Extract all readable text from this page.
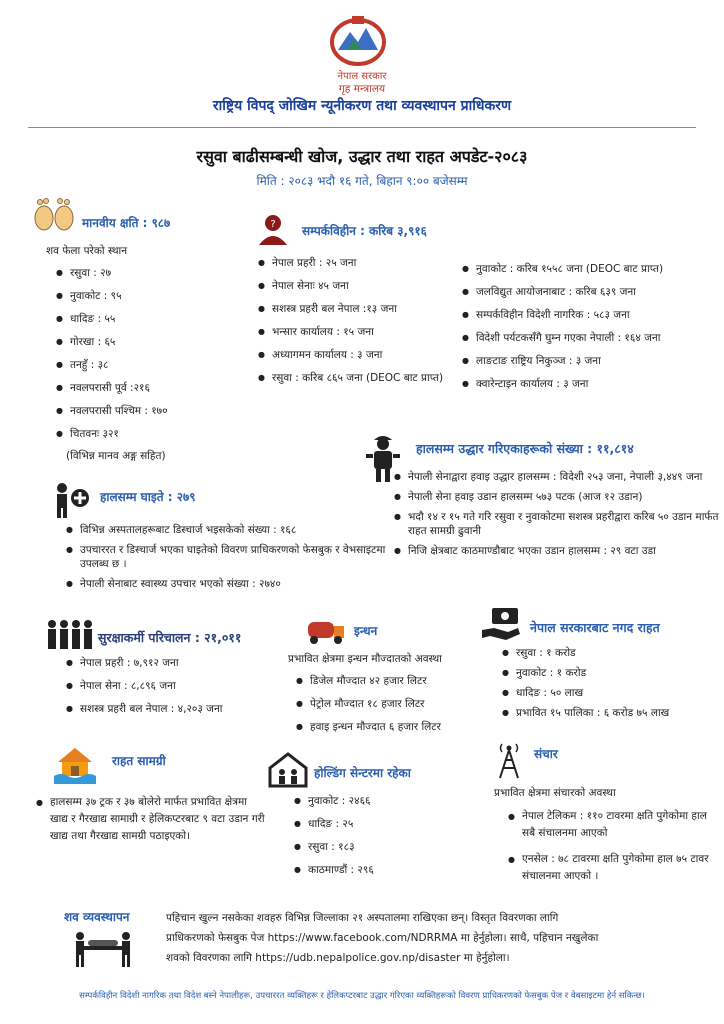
नेपाल सरकार
गृह मन्त्रालय
राष्ट्रिय विपद् जोखिम न्यूनीकरण तथा व्यवस्थापन प्राधिकरण
रसुवा बाढीसम्बन्धी खोज, उद्धार तथा राहत अपडेट-२०८३
मिति : २०८३ भदौ १६ गते, बिहान ९:०० बजेसम्म
मानवीय क्षति : ९८७
शव फेला परेको स्थान
● रसुवा : २७
● नुवाकोट : ९५
● धादिङ : ५५
● गोरखा : ६५
● तनहुँ : ३८
● नवलपरासी पूर्व :२१६
● नवलपरासी पश्चिम : १७०
● चितवनः ३२१
(विभिन्न मानव अङ्ग सहित)
? सम्पर्कविहीन : करिब ३,९१६
● नेपाल प्रहरी : २५ जना
● नेपाल सेनाः ४५ जना
● सशस्त्र प्रहरी बल नेपाल :१३ जना
● भन्सार कार्यालय : १५ जना
● अध्यागमन कार्यालय : ३ जना
● रसुवा : करिब ८६५ जना (DEOC बाट प्राप्त)
● नुवाकोट : करिब १५५८ जना (DEOC बाट प्राप्त)
● जलविद्युत आयोजनाबाट : करिब ६३९ जना
● सम्पर्कविहीन विदेशी नागरिक : ५८३ जना
● विदेशी पर्यटकसँगै घुम्न गएका नेपाली : १६४ जना
● लाङटाङ राष्ट्रिय निकुञ्ज : ३ जना
● क्वारेन्टाइन कार्यालय : ३ जना
हालसम्म उद्धार गरिएकाहरूको संख्या : ११,८१४
● नेपाली सेनाद्वारा हवाइ उद्धार हालसम्म : विदेशी २५३ जना, नेपाली ३,४४९ जना
● नेपाली सेना हवाइ उडान हालसम्म ५७३ पटक (आज १२ उडान)
● भदौ १४ र १५ गते गरि रसुवा र नुवाकोटमा सशस्त्र प्रहरीद्वारा करिब ५० उडान मार्फत राहत सामग्री ढुवानी
● निजि क्षेत्रबाट काठमाण्डौबाट भएका उडान हालसम्म : २९ वटा उडा
हालसम्म घाइते : २७९
● विभिन्न अस्पतालहरूबाट डिस्चार्ज भइसकेको संख्या : १६८
● उपचाररत र डिस्चार्ज भएका घाइतेको विवरण प्राधिकरणको फेसबुक र वेभसाइटमा उपलब्ध छ ।
● नेपाली सेनाबाट स्वास्थ्य उपचार भएको संख्या : २७४०
सुरक्षाकर्मी परिचालन : २१,०११
● नेपाल प्रहरी : ७,९१२ जना
● नेपाल सेना : ८,८९६ जना
● सशस्त्र प्रहरी बल नेपाल : ४,२०३ जना
इन्धन
प्रभावित क्षेत्रमा इन्धन मौज्दातको अवस्था
● डिजेल मौज्दात ४२ हजार लिटर
● पेट्रोल मौज्दात १८ हजार लिटर
● हवाइ इन्धन मौज्दात ६ हजार लिटर
नेपाल सरकारबाट नगद राहत
● रसुवा : १ करोड
● नुवाकोट : १ करोड
● धादिङ : ५० लाख
● प्रभावित १५ पालिका : ६ करोड ७५ लाख
राहत सामग्री
● हालसम्म ३७ ट्रक र ३७ बोलेरो मार्फत प्रभावित क्षेत्रमा खाद्य र गैरखाद्य सामाग्री र हेलिकप्टरबाट ९ वटा उडान गरी खाद्य तथा गैरखाद्य सामग्री पठाइएको।
होल्डिंग सेन्टरमा रहेका
● नुवाकोट : २४६६
● धादिङ : २५
● रसुवा : १८३
● काठमाण्डौं : २९६
संचार
प्रभावित क्षेत्रमा संचारको अवस्था
● नेपाल टेलिकम : ११० टावरमा क्षति पुगेकोमा हाल सबै संचालनमा आएको
● एनसेल : ७८ टावरमा क्षति पुगेकोमा हाल ७५ टावर संचालनमा आएको ।
शव व्यवस्थापन	पहिचान खुल्न नसकेका शवहरु विभिन्न जिल्लाका २१ अस्पतालमा राखिएका छन्। विस्तृत विवरणका लागि
प्राधिकरणको फेसबुक पेज https://www.facebook.com/NDRRMA मा हेर्नुहोला। साथै, पहिचान नखुलेका
शवको विवरणका लागि https://udb.nepalpolice.gov.np/disaster मा हेर्नुहोला।
सम्पर्कविहीन विदेशी नागरिक तथा विदेश बस्ने नेपालीहरू, उपचाररत व्यक्तिहरू र हेलिकप्टरबाट उद्धार गरिएका व्यक्तिहरूको विवरण प्राधिकरणको फेसबुक पेज र वेबसाइटमा हेर्न सकिन्छ।
